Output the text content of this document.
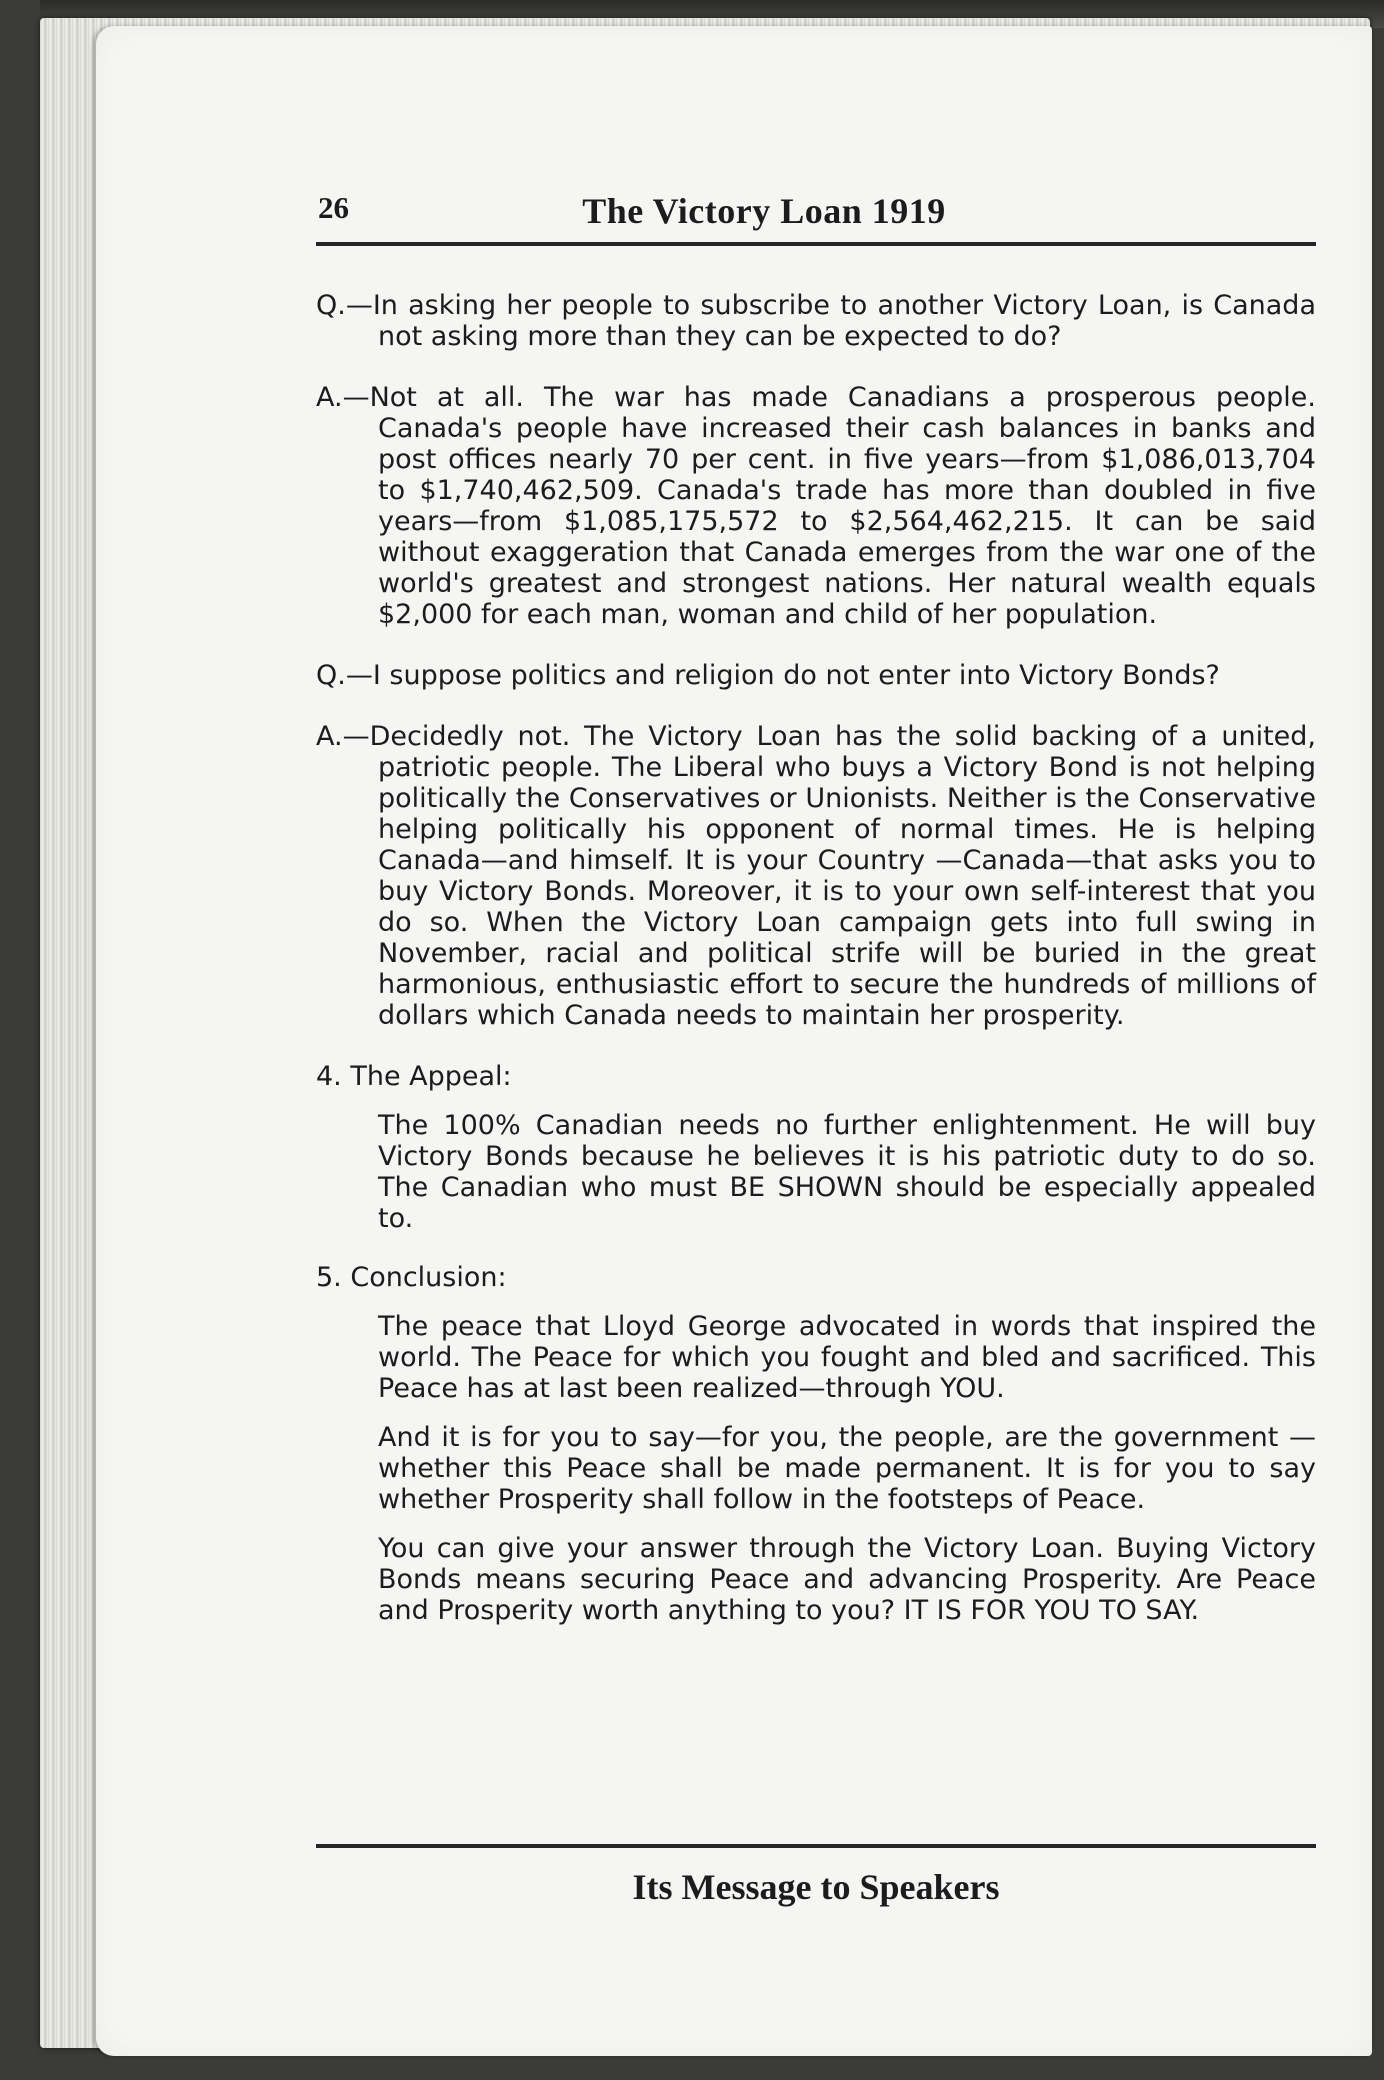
26	The Victory Loan 1919

Q.—In asking her people to subscribe to another Victory Loan, is Canada not asking more than they can be expected to do?

A.—Not at all. The war has made Canadians a prosperous people. Canada's people have increased their cash balances in banks and post offices nearly 70 per cent. in five years—from $1,086,013,704 to $1,740,462,509. Canada's trade has more than doubled in five years—from $1,085,175,572 to $2,564,462,215. It can be said without exaggeration that Canada emerges from the war one of the world's greatest and strongest nations. Her natural wealth equals $2,000 for each man, woman and child of her population.

Q.—I suppose politics and religion do not enter into Victory Bonds?

A.—Decidedly not. The Victory Loan has the solid backing of a united, patriotic people. The Liberal who buys a Victory Bond is not helping politically the Conservatives or Unionists. Neither is the Conservative helping politically his opponent of normal times. He is helping Canada—and himself. It is your Country —Canada—that asks you to buy Victory Bonds. Moreover, it is to your own self-interest that you do so. When the Victory Loan campaign gets into full swing in November, racial and political strife will be buried in the great harmonious, enthusiastic effort to secure the hundreds of millions of dollars which Canada needs to maintain her prosperity.

4. The Appeal:

The 100% Canadian needs no further enlightenment. He will buy Victory Bonds because he believes it is his patriotic duty to do so. The Canadian who must BE SHOWN should be especially appealed to.

5. Conclusion:

The peace that Lloyd George advocated in words that inspired the world. The Peace for which you fought and bled and sacrificed. This Peace has at last been realized—through YOU.

And it is for you to say—for you, the people, are the government —whether this Peace shall be made permanent. It is for you to say whether Prosperity shall follow in the footsteps of Peace.

You can give your answer through the Victory Loan. Buying Victory Bonds means securing Peace and advancing Prosperity. Are Peace and Prosperity worth anything to you? IT IS FOR YOU TO SAY.

Its Message to Speakers
